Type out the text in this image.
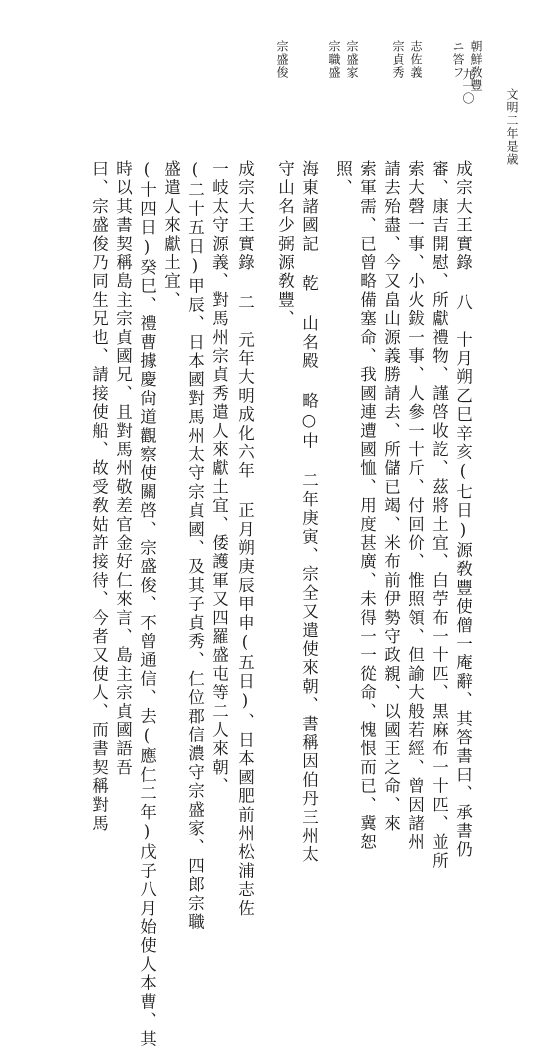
九一〇
文明二年是歳
朝鮮敎豐
ニ答フ
志佐義
宗貞秀
宗盛家
宗職盛
宗盛俊
成宗大王實錄 八　十月朔乙巳辛亥(七日)源敎豐使僧一庵辭、其答書曰、承書仍
審、康吉開慰、所獻禮物、謹啓收訖、茲將土宜、白苧布一十匹、黒麻布一十匹、並所
索大磬一事、小火鈸一事、人參一十斤、付回价、惟照領、但諭大般若經、曾因諸州
請去殆盡、今又畠山源義勝請去、所儲已竭、米布前伊勢守政親、以國王之命、來
索軍需、已曾略備塞命、我國連遭國恤、用度甚廣、未得一一從命、愧恨而已、冀恕
照、
海東諸國記 乾 山名殿 略○中 二年庚寅、宗全又遣使來朝、書稱因伯丹三州太
守山名少弼源敎豐、
成宗大王實錄 二　元年大明成化六年 正月朔庚辰甲申(五日)、日本國肥前州松浦志佐
一岐太守源義、對馬州宗貞秀遣人來獻土宜、倭護軍又四羅盛屯等二人來朝、
(二十五日)甲辰、日本國對馬州太守宗貞國、及其子貞秀、仁位郡信濃守宗盛家、四郎宗職
盛遣人來獻土宜、
(十四日)癸巳、禮曹據慶尙道觀察使關啓、宗盛俊、不曾通信、去(應仁二年)戊子八月始使人本曹、其
時以其書契稱島主宗貞國兄、且對馬州敬差官金好仁來言、島主宗貞國語吾
曰、宗盛俊乃同生兄也、請接使船、故受敎姑許接待、今者又使人、而書契稱對馬
